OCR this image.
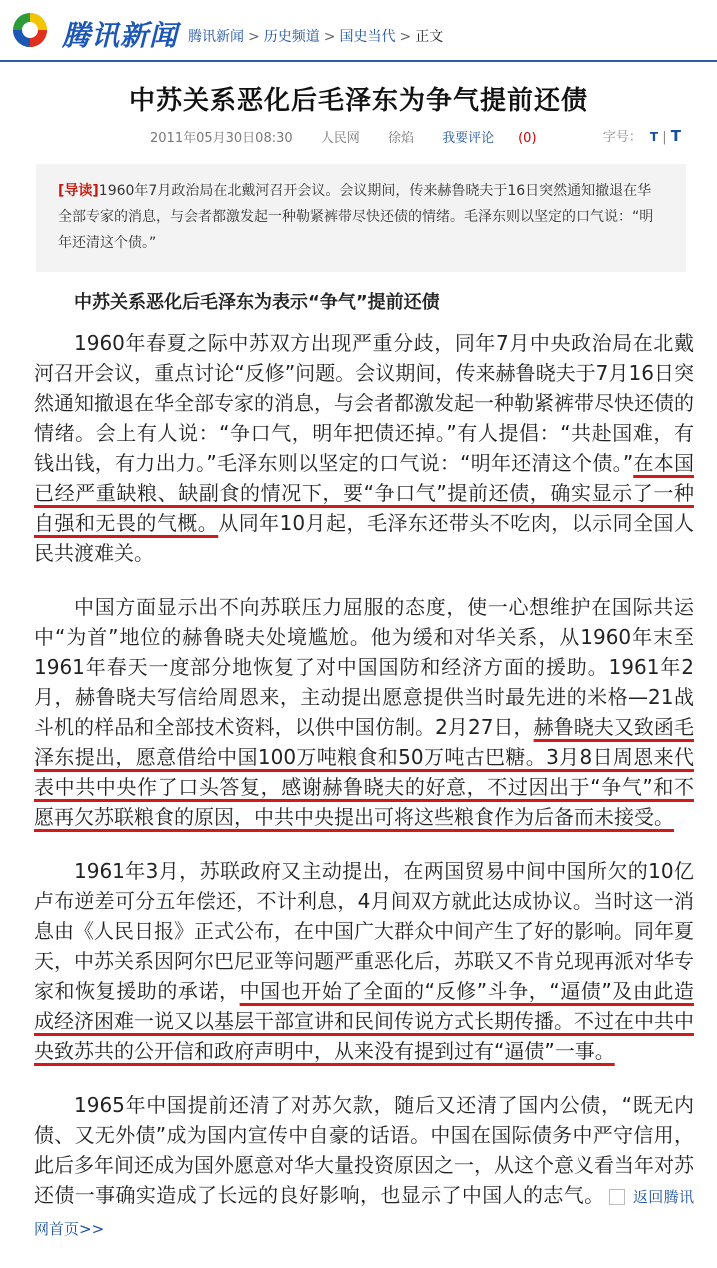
腾讯新闻 腾讯新闻 > 历史频道 > 国史当代 > 正文
中苏关系恶化后毛泽东为争气提前还债
2011年05月30日08:30 人民网 徐焰 我要评论 (0)	字号： T | T
[导读]1960年7月政治局在北戴河召开会议。会议期间，传来赫鲁晓夫于16日突然通知撤退在华全部专家的消息，与会者都激发起一种勒紧裤带尽快还债的情绪。毛泽东则以坚定的口气说：“明年还清这个债。”
中苏关系恶化后毛泽东为表示“争气”提前还债

1960年春夏之际中苏双方出现严重分歧，同年7月中央政治局在北戴河召开会议，重点讨论“反修”问题。会议期间，传来赫鲁晓夫于7月16日突然通知撤退在华全部专家的消息，与会者都激发起一种勒紧裤带尽快还债的情绪。会上有人说：“争口气，明年把债还掉。”有人提倡：“共赴国难，有钱出钱，有力出力。”毛泽东则以坚定的口气说：“明年还清这个债。”在本国已经严重缺粮、缺副食的情况下，要“争口气”提前还债，确实显示了一种自强和无畏的气概。从同年10月起，毛泽东还带头不吃肉，以示同全国人民共渡难关。

中国方面显示出不向苏联压力屈服的态度，使一心想维护在国际共运中“为首”地位的赫鲁晓夫处境尴尬。他为缓和对华关系，从1960年末至1961年春天一度部分地恢复了对中国国防和经济方面的援助。1961年2月，赫鲁晓夫写信给周恩来，主动提出愿意提供当时最先进的米格—21战斗机的样品和全部技术资料，以供中国仿制。2月27日，赫鲁晓夫又致函毛泽东提出，愿意借给中国100万吨粮食和50万吨古巴糖。3月8日周恩来代表中共中央作了口头答复，感谢赫鲁晓夫的好意，不过因出于“争气”和不愿再欠苏联粮食的原因，中共中央提出可将这些粮食作为后备而未接受。

1961年3月，苏联政府又主动提出，在两国贸易中间中国所欠的10亿卢布逆差可分五年偿还，不计利息，4月间双方就此达成协议。当时这一消息由《人民日报》正式公布，在中国广大群众中间产生了好的影响。同年夏天，中苏关系因阿尔巴尼亚等问题严重恶化后，苏联又不肯兑现再派对华专家和恢复援助的承诺，中国也开始了全面的“反修”斗争，“逼债”及由此造成经济困难一说又以基层干部宣讲和民间传说方式长期传播。不过在中共中央致苏共的公开信和政府声明中，从来没有提到过有“逼债”一事。

1965年中国提前还清了对苏欠款，随后又还清了国内公债，“既无内债、又无外债”成为国内宣传中自豪的话语。中国在国际债务中严守信用，此后多年间还成为国外愿意对华大量投资原因之一，从这个意义看当年对苏还债一事确实造成了长远的良好影响，也显示了中国人的志气。 返回腾讯网首页>>
